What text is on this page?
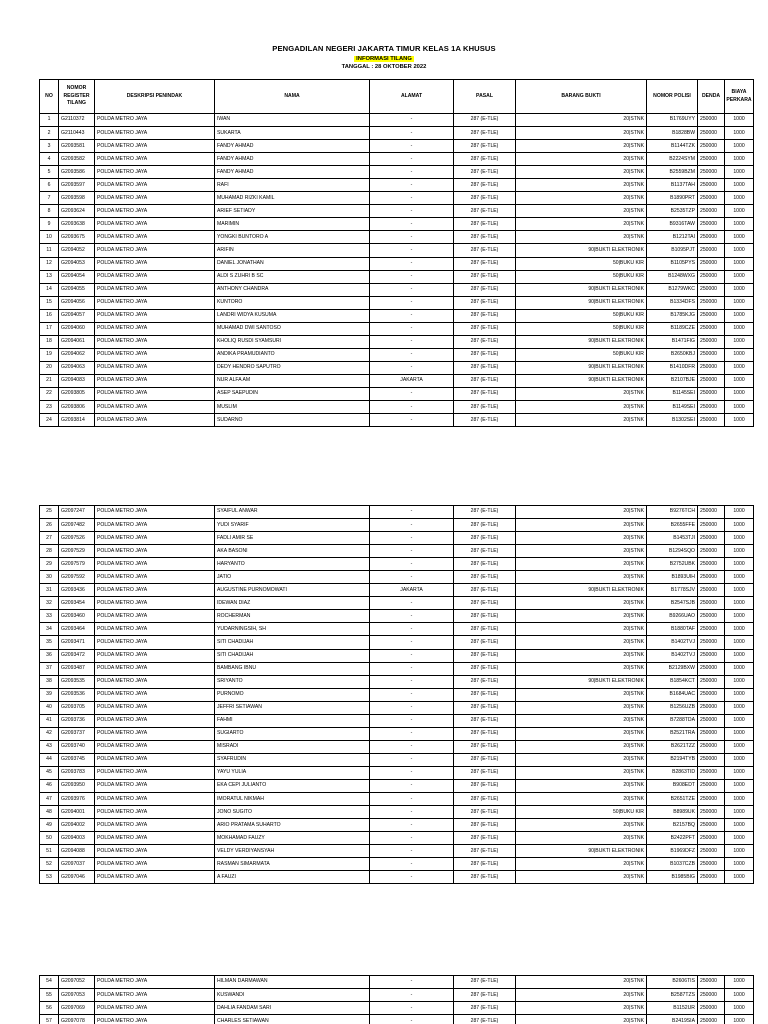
PENGADILAN NEGERI JAKARTA TIMUR KELAS 1A KHUSUS
INFORMASI TILANG
TANGGAL : 28 OKTOBER 2022
NO	NOMOR REGISTER TILANG	DESKRIPSI PENINDAK	NAMA	ALAMAT	PASAL	BARANG BUKTI	NOMOR POLISI	DENDA	BIAYA PERKARA
1	G2110372	POLDA METRO JAYA	IWAN	-	287 (E-TLE)	20|STNK	B1769UYY	250000	1000
2	G2110443	POLDA METRO JAYA	SUKARTA	-	287 (E-TLE)	20|STNK	B1828BW	250000	1000
3	G2093581	POLDA METRO JAYA	FANDY AHMAD	-	287 (E-TLE)	20|STNK	B1144TZK	250000	1000
4	G2093582	POLDA METRO JAYA	FANDY AHMAD	-	287 (E-TLE)	20|STNK	B2224SYM	250000	1000
5	G2093586	POLDA METRO JAYA	FANDY AHMAD	-	287 (E-TLE)	20|STNK	B2559BZM	250000	1000
6	G2093597	POLDA METRO JAYA	RAFI	-	287 (E-TLE)	20|STNK	B1137TAH	250000	1000
7	G2093598	POLDA METRO JAYA	MUHAMAD RIZKI KAMIL	-	287 (E-TLE)	20|STNK	B1890PRT	250000	1000
8	G2093624	POLDA METRO JAYA	ARIEF SETIADY	-	287 (E-TLE)	20|STNK	B2535TZP	250000	1000
9	G2093638	POLDA METRO JAYA	MARIMIN	-	287 (E-TLE)	20|STNK	B9316TAW	250000	1000
10	G2093675	POLDA METRO JAYA	YONGKI BUNTORO A	-	287 (E-TLE)	20|STNK	B1212TAI	250000	1000
11	G2094052	POLDA METRO JAYA	ARIFIN	-	287 (E-TLE)	90|BUKTI ELEKTRONIK	B1095PJT	250000	1000
12	G2094053	POLDA METRO JAYA	DANIEL JONATHAN	-	287 (E-TLE)	50|BUKU KIR	B1105PYS	250000	1000
13	G2094054	POLDA METRO JAYA	ALDI S ZUHRI B SC	-	287 (E-TLE)	50|BUKU KIR	B1248WXG	250000	1000
14	G2094055	POLDA METRO JAYA	ANTHONY CHANDRA	-	287 (E-TLE)	90|BUKTI ELEKTRONIK	B1279WKC	250000	1000
15	G2094056	POLDA METRO JAYA	KUNTORO	-	287 (E-TLE)	90|BUKTI ELEKTRONIK	B1334DFS	250000	1000
16	G2094057	POLDA METRO JAYA	LANDRI WIDYA KUSUMA	-	287 (E-TLE)	50|BUKU KIR	B1785KJG	250000	1000
17	G2094060	POLDA METRO JAYA	MUHAMAD DWI SANTOSO	-	287 (E-TLE)	50|BUKU KIR	B1189CZE	250000	1000
18	G2094061	POLDA METRO JAYA	KHOLIQ RUSDI SYAMSURI	-	287 (E-TLE)	90|BUKTI ELEKTRONIK	B1471FIG	250000	1000
19	G2094062	POLDA METRO JAYA	ANDIKA PRAMUDIANTO	-	287 (E-TLE)	50|BUKU KIR	B2650KBJ	250000	1000
20	G2094063	POLDA METRO JAYA	DEDY HENDRO SAPUTRO	-	287 (E-TLE)	90|BUKTI ELEKTRONIK	B1410DFR	250000	1000
21	G2094083	POLDA METRO JAYA	NUR ALFA AM	JAKARTA	287 (E-TLE)	90|BUKTI ELEKTRONIK	B2107BJE	250000	1000
22	G2093805	POLDA METRO JAYA	ASEP SAEPUDIN	-	287 (E-TLE)	20|STNK	B1145SEI	250000	1000
23	G2093806	POLDA METRO JAYA	MUSLIM	-	287 (E-TLE)	20|STNK	B1149SEI	250000	1000
24	G2093814	POLDA METRO JAYA	SUDARNO	-	287 (E-TLE)	20|STNK	B1302SEI	250000	1000
25	G2097247	POLDA METRO JAYA	SYAIFUL ANWAR	-	287 (E-TLE)	20|STNK	B9276TCH	250000	1000
26	G2097482	POLDA METRO JAYA	YUDI SYARIF	-	287 (E-TLE)	20|STNK	B2655FFE	250000	1000
27	G2097526	POLDA METRO JAYA	FADLI AMIR SE	-	287 (E-TLE)	20|STNK	B1453TJI	250000	1000
28	G2097529	POLDA METRO JAYA	AKA BASONI	-	287 (E-TLE)	20|STNK	B1294SQO	250000	1000
29	G2097579	POLDA METRO JAYA	HARYANTO	-	287 (E-TLE)	20|STNK	B2752UBK	250000	1000
30	G2097592	POLDA METRO JAYA	JATIO	-	287 (E-TLE)	20|STNK	B1893UIH	250000	1000
31	G2093436	POLDA METRO JAYA	AUGUSTINE PURNOMOWATI	JAKARTA	287 (E-TLE)	90|BUKTI ELEKTRONIK	B1778SJV	250000	1000
32	G2093454	POLDA METRO JAYA	IDEWAN DIAZ	-	287 (E-TLE)	20|STNK	B2547SJB	250000	1000
33	G2093460	POLDA METRO JAYA	ROCHERMAN	-	287 (E-TLE)	20|STNK	B9266UAO	250000	1000
34	G2093464	POLDA METRO JAYA	YUDARNINGSIH, SH	-	287 (E-TLE)	20|STNK	B1880TAF	250000	1000
35	G2093471	POLDA METRO JAYA	SITI CHADIJAH	-	287 (E-TLE)	20|STNK	B1402TVJ	250000	1000
36	G2093472	POLDA METRO JAYA	SITI CHADIJAH	-	287 (E-TLE)	20|STNK	B1402TVJ	250000	1000
37	G2093487	POLDA METRO JAYA	BAMBANG IBNU	-	287 (E-TLE)	20|STNK	B2129BXW	250000	1000
38	G2093535	POLDA METRO JAYA	SRIYANTO	-	287 (E-TLE)	90|BUKTI ELEKTRONIK	B1854KCT	250000	1000
39	G2093536	POLDA METRO JAYA	PURNOMO	-	287 (E-TLE)	20|STNK	B1684UAC	250000	1000
40	G2093705	POLDA METRO JAYA	JEFFRI SETIAWAN	-	287 (E-TLE)	20|STNK	B1256UZB	250000	1000
41	G2093736	POLDA METRO JAYA	FAHMI	-	287 (E-TLE)	20|STNK	B7288TDA	250000	1000
42	G2093737	POLDA METRO JAYA	SUGIARTO	-	287 (E-TLE)	20|STNK	B2521TRA	250000	1000
43	G2093740	POLDA METRO JAYA	MISRADI	-	287 (E-TLE)	20|STNK	B2621TZZ	250000	1000
44	G2093745	POLDA METRO JAYA	SYAFRUDIN	-	287 (E-TLE)	20|STNK	B2194TYB	250000	1000
45	G2093783	POLDA METRO JAYA	YAYU YULIA	-	287 (E-TLE)	20|STNK	B2863TID	250000	1000
46	G2093950	POLDA METRO JAYA	EKA CEPI JULIANTO	-	287 (E-TLE)	20|STNK	B908EDT	250000	1000
47	G2093976	POLDA METRO JAYA	IMORATUL NIKMAH	-	287 (E-TLE)	20|STNK	B2651TZE	250000	1000
48	G2094001	POLDA METRO JAYA	JONO SUGITO	-	287 (E-TLE)	50|BUKU KIR	B8989UK	250000	1000
49	G2094002	POLDA METRO JAYA	ARIO PRATAMA SUHARTO	-	287 (E-TLE)	20|STNK	B2157BQ	250000	1000
50	G2094003	POLDA METRO JAYA	MOKHAMAD FAUZY	-	287 (E-TLE)	20|STNK	B2422PFT	250000	1000
51	G2094088	POLDA METRO JAYA	VELDY VERDIYANSYAH	-	287 (E-TLE)	90|BUKTI ELEKTRONIK	B1969DFZ	250000	1000
52	G2097037	POLDA METRO JAYA	RASMAN SIMARMATA	-	287 (E-TLE)	20|STNK	B1037CZB	250000	1000
53	G2097046	POLDA METRO JAYA	A FAUZI	-	287 (E-TLE)	20|STNK	B1985BIG	250000	1000
54	G2097052	POLDA METRO JAYA	HILMAN DARMAWAN	-	287 (E-TLE)	20|STNK	B2606TIS	250000	1000
55	G2097053	POLDA METRO JAYA	KUSWANDI	-	287 (E-TLE)	20|STNK	B2587TZS	250000	1000
56	G2097069	POLDA METRO JAYA	DAHLIA FANDAM SARI	-	287 (E-TLE)	20|STNK	B1152UR	250000	1000
57	G2097078	POLDA METRO JAYA	CHARLES SETIAWAN	-	287 (E-TLE)	20|STNK	B2419SIA	250000	1000
